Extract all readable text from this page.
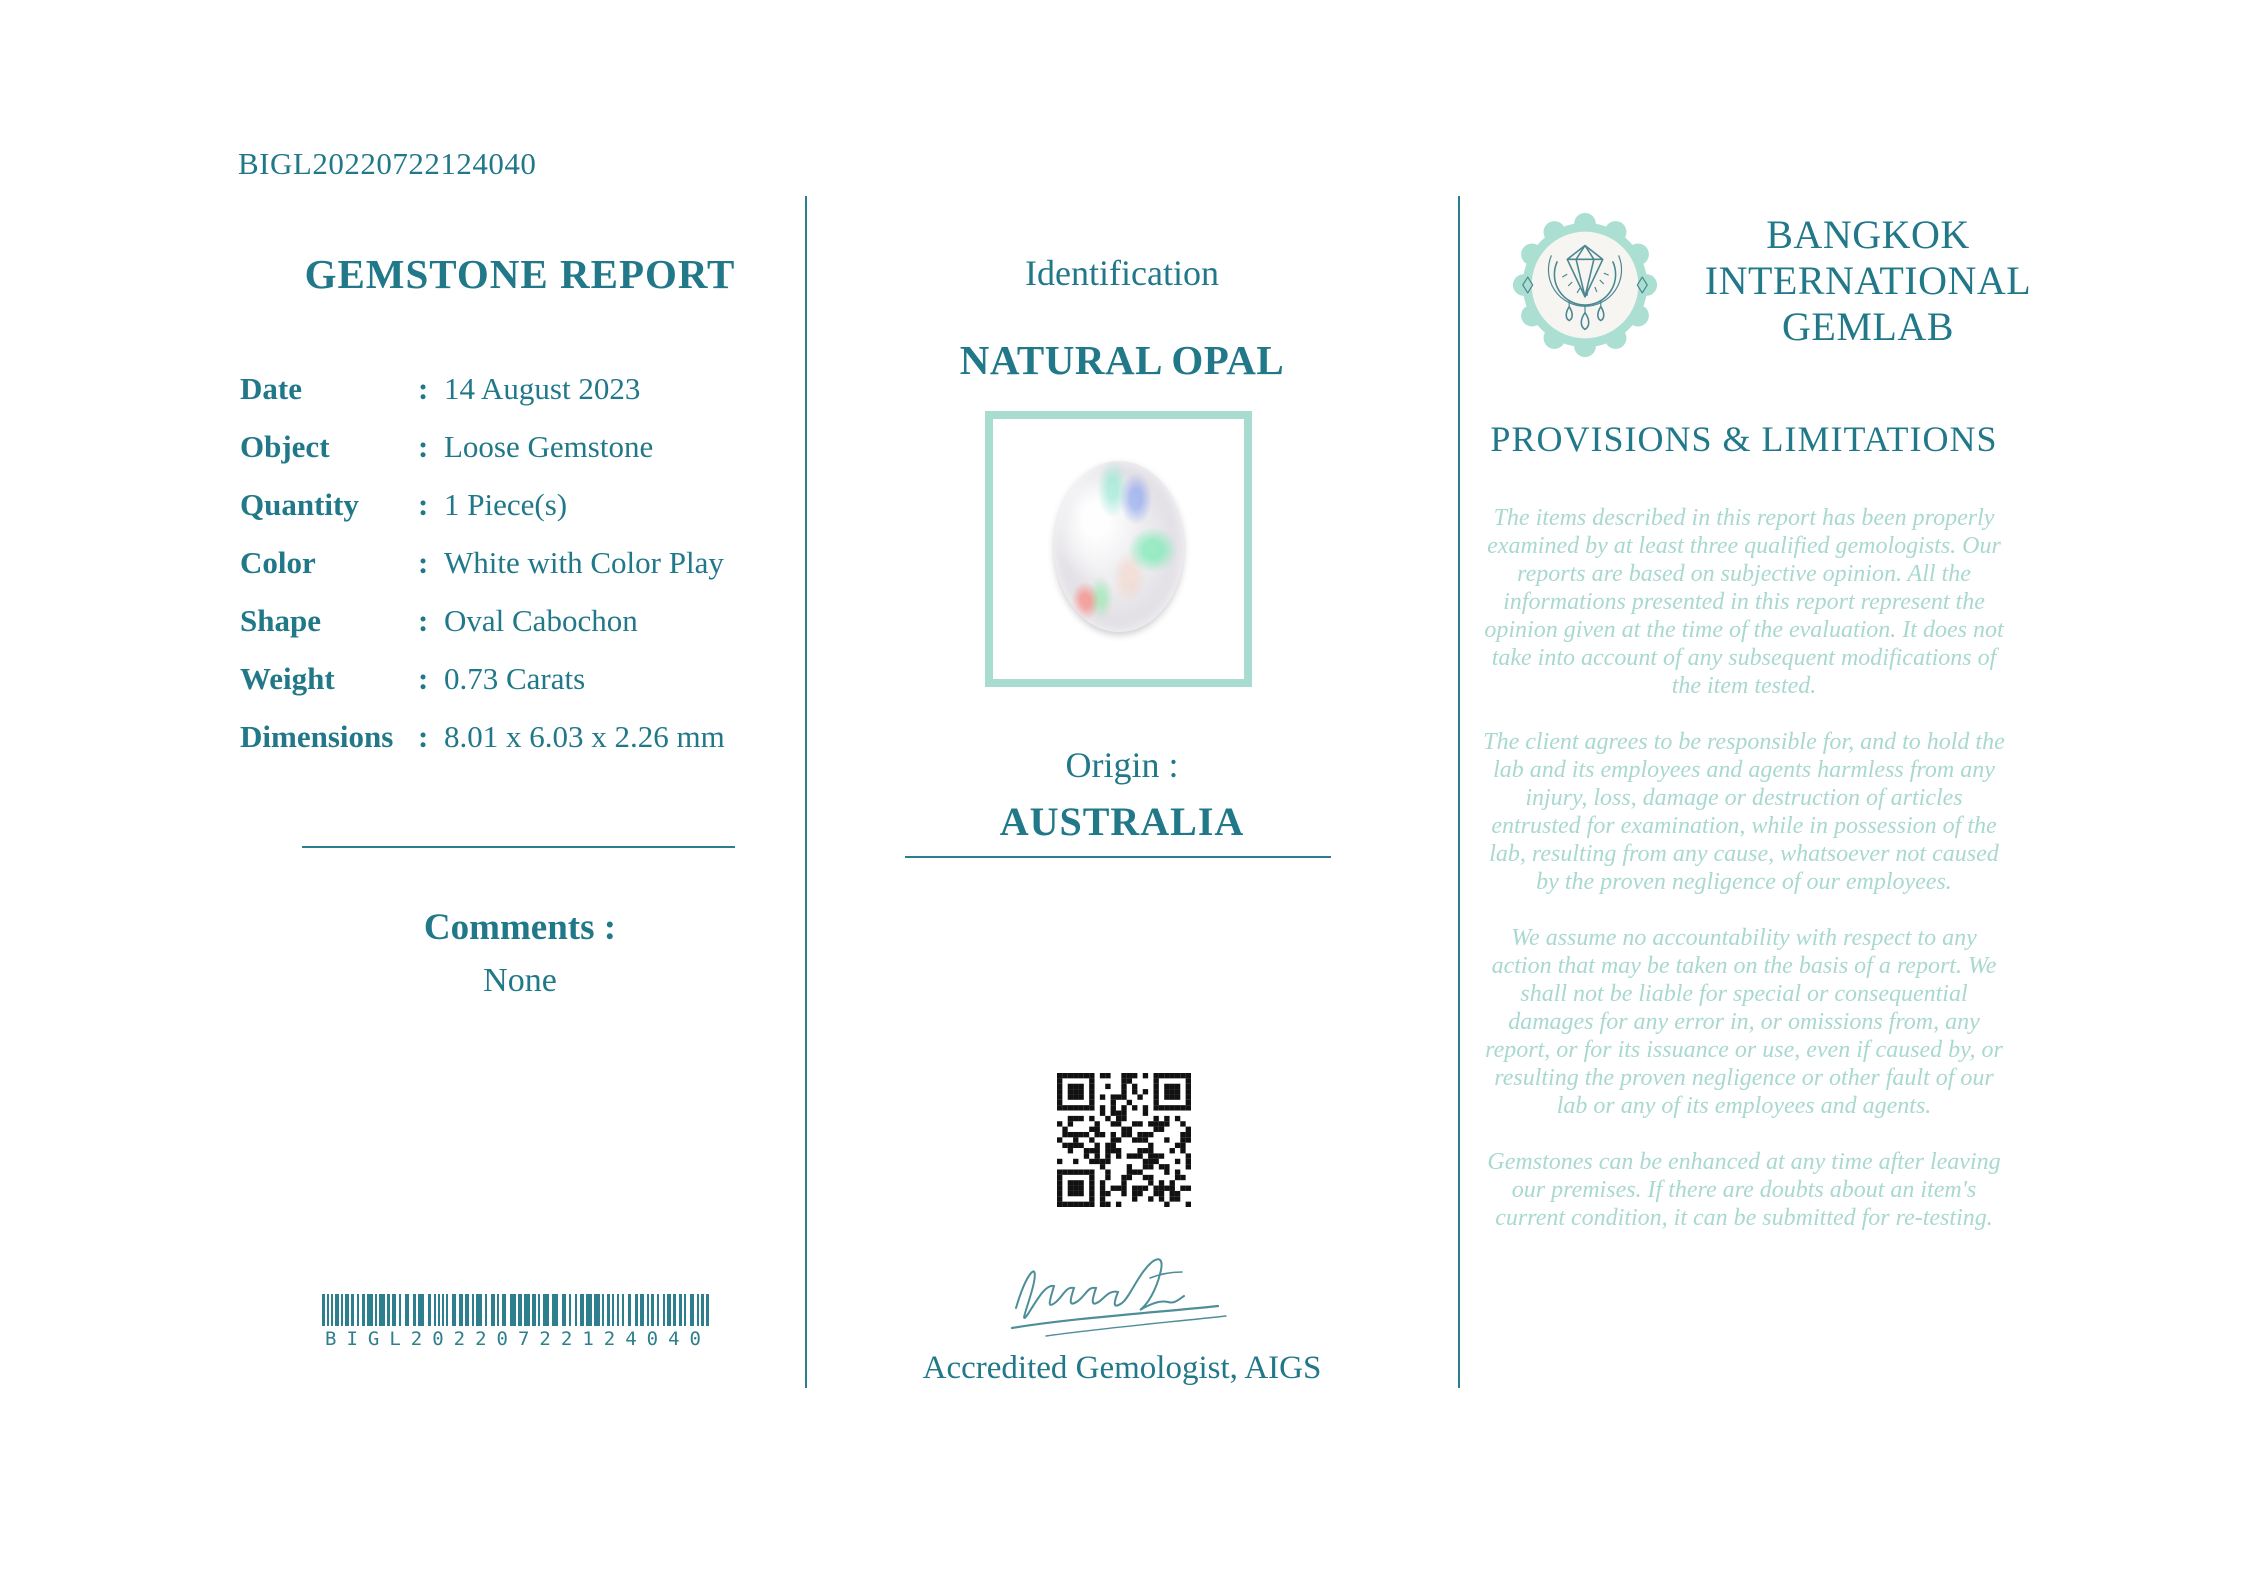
BIGL20220722124040
GEMSTONE REPORT
Date	: 14 August 2023
Object	: Loose Gemstone
Quantity	: 1 Piece(s)
Color	: White with Color Play
Shape	: Oval Cabochon
Weight	: 0.73 Carats
Dimensions : 8.01 x 6.03 x 2.26 mm
Comments :
None
BIGL20220722124040
Identification
NATURAL OPAL
Origin :
AUSTRALIA
Accredited Gemologist, AIGS
BANGKOK
INTERNATIONAL
GEMLAB
PROVISIONS & LIMITATIONS

The items described in this report has been properly examined by at least three qualified gemologists. Our reports are based on subjective opinion. All the informations presented in this report represent the opinion given at the time of the evaluation. It does not take into account of any subsequent modifications of the item tested.

The client agrees to be responsible for, and to hold the lab and its employees and agents harmless from any injury, loss, damage or destruction of articles entrusted for examination, while in possession of the lab, resulting from any cause, whatsoever not caused by the proven negligence of our employees.

We assume no accountability with respect to any action that may be taken on the basis of a report. We shall not be liable for special or consequential damages for any error in, or omissions from, any report, or for its issuance or use, even if caused by, or resulting the proven negligence or other fault of our lab or any of its employees and agents.

Gemstones can be enhanced at any time after leaving our premises. If there are doubts about an item's current condition, it can be submitted for re-testing.
